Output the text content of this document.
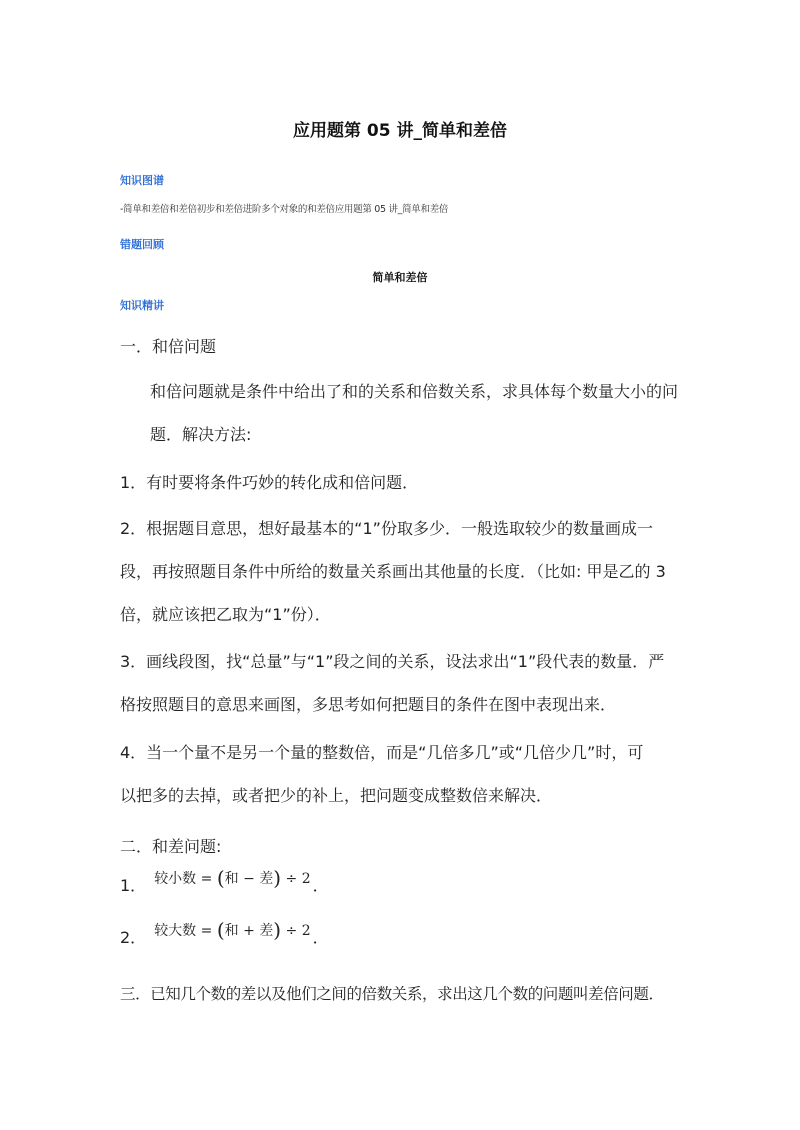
应用题第 05 讲_简单和差倍
知识图谱
-简单和差倍和差倍初步和差倍进阶多个对象的和差倍应用题第 05 讲_简单和差倍
错题回顾
简单和差倍
知识精讲
一．和倍问题
和倍问题就是条件中给出了和的关系和倍数关系，求具体每个数量大小的问
题．解决方法:
1．有时要将条件巧妙的转化成和倍问题．
2．根据题目意思，想好最基本的“1”份取多少．一般选取较少的数量画成一
段，再按照题目条件中所给的数量关系画出其他量的长度．（比如: 甲是乙的 3
倍，就应该把乙取为“1”份）．
3．画线段图，找“总量”与“1”段之间的关系，设法求出“1”段代表的数量．严
格按照题目的意思来画图，多思考如何把题目的条件在图中表现出来．
4．当一个量不是另一个量的整数倍，而是“几倍多几”或“几倍少几”时，可
以把多的去掉，或者把少的补上，把问题变成整数倍来解决．
二．和差问题:
1． 较小数 = (和 − 差) ÷ 2 ．
2． 较大数 = (和 + 差) ÷ 2 ．
三．已知几个数的差以及他们之间的倍数关系，求出这几个数的问题叫差倍问题．
